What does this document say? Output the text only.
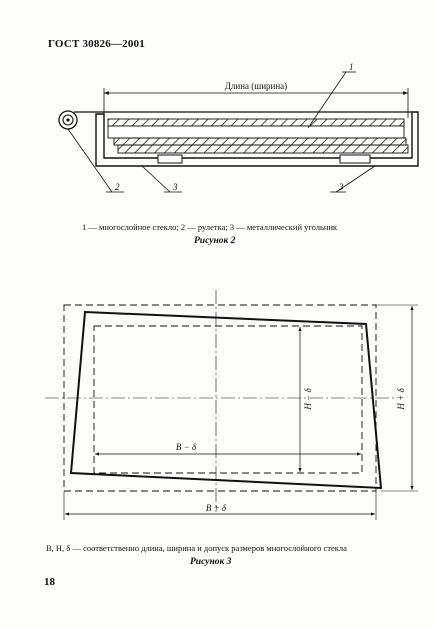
ГОСТ 30826—2001
Длина (ширина)
1
2	3	3
H − δ	H + δ
B − δ
B + δ
1 — многослойное стекло; 2 — рулетка; 3 — металлический угольник
Рисунок 2
B, H, δ — соответственно длина, ширина и допуск размеров многослойного стекла
Рисунок 3
18
